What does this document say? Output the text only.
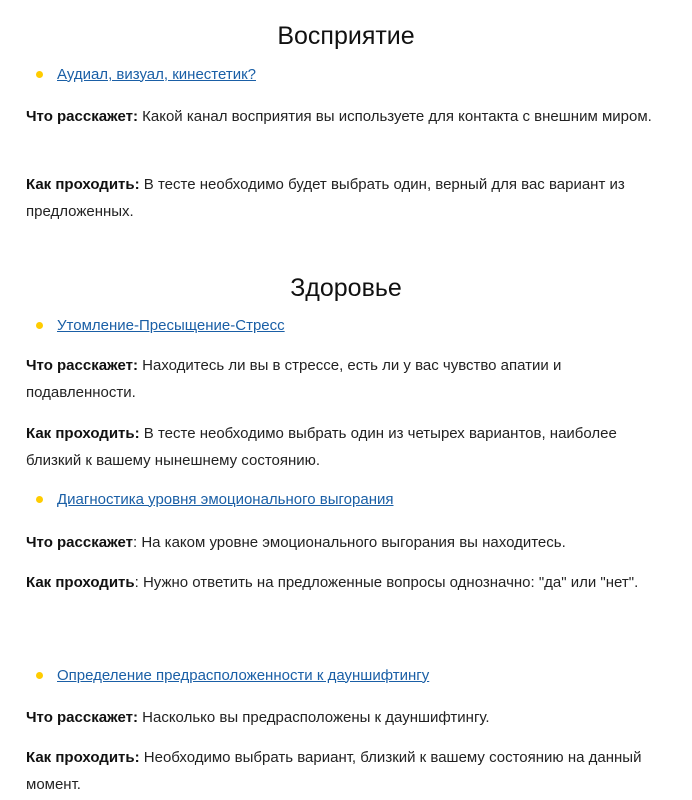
Восприятие
Аудиал, визуал, кинестетик?

Что расскажет: Какой канал восприятия вы используете для контакта с внешним миром.

Как проходить: В тесте необходимо будет выбрать один, верный для вас вариант из предложенных.

Здоровье
Утомление-Пресыщение-Стресс

Что расскажет: Находитесь ли вы в стрессе, есть ли у вас чувство апатии и подавленности.

Как проходить: В тесте необходимо выбрать один из четырех вариантов, наиболее близкий к вашему нынешнему состоянию.

Диагностика уровня эмоционального выгорания

Что расскажет: На каком уровне эмоционального выгорания вы находитесь.

Как проходить: Нужно ответить на предложенные вопросы однозначно: "да" или "нет".

Определение предрасположенности к дауншифтингу

Что расскажет: Насколько вы предрасположены к дауншифтингу.

Как проходить: Необходимо выбрать вариант, близкий к вашему состоянию на данный момент.
